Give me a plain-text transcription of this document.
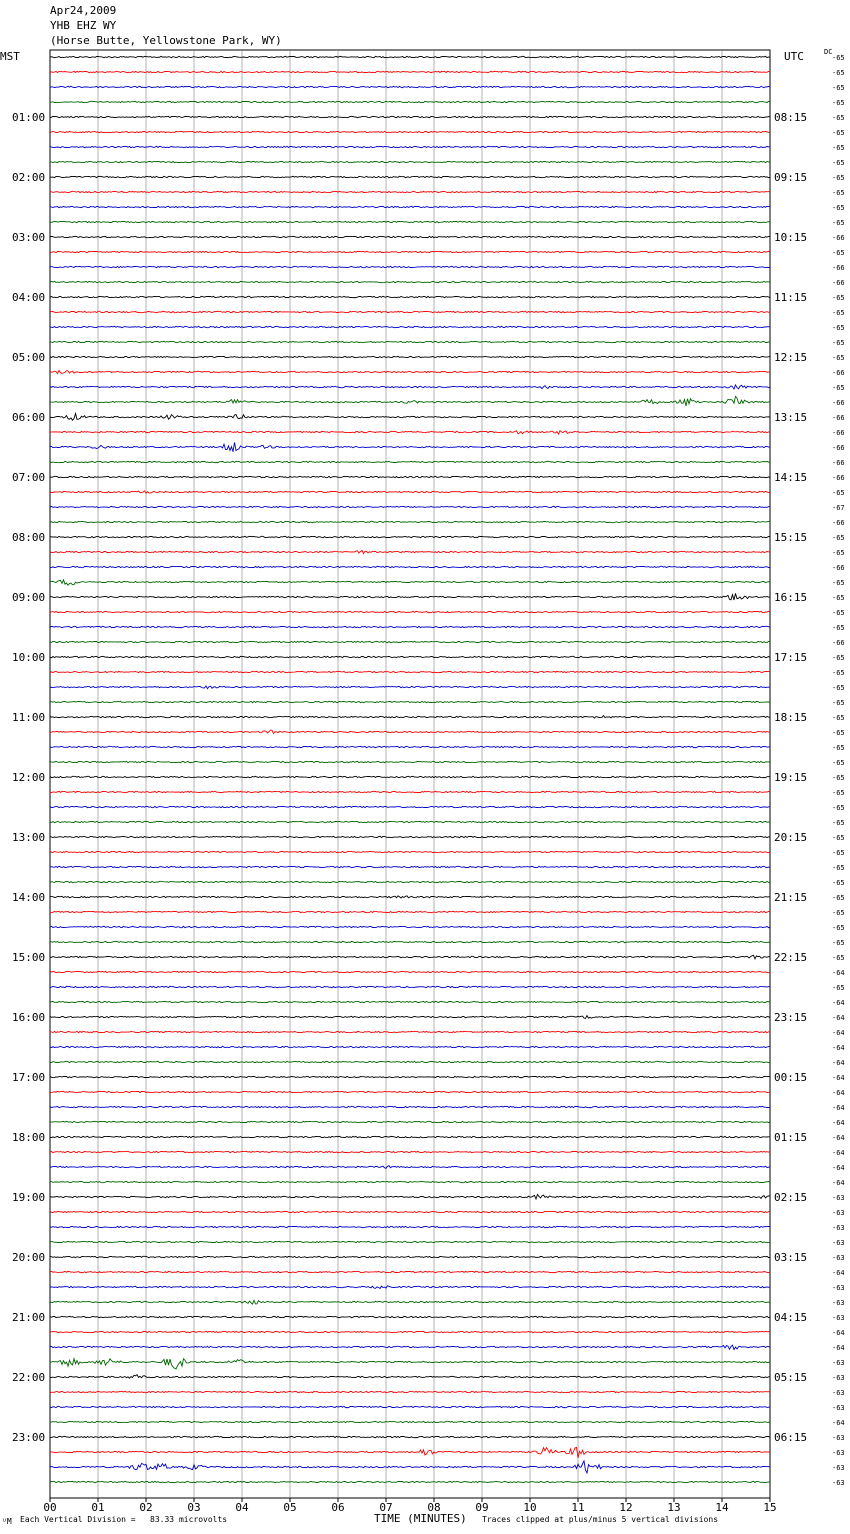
Apr24,2009
YHB EHZ WY
(Horse Butte, Yellowstone Park, WY)
MST	UTC	-65
-65
-65
-65
-65
-65
-65
-65
-65
-65
-65
-65
-66
-65
-66
-66
-65
-65
-65
-65
-65
-66
-65
-66
-66
-66
-66
-66
-66
-65
-67
-66
-65
-65
-66
-65
-65
-65
-65
-66
-65
-65
-65
-65
-65
-65
-65
-65
-65
-65
-65
-65
-65
-65
-65
-65
-65
-65
-65
-65
-65
-64
-65
-64
-64
-64
-64
-64
-64
-64
-64
-64
-64
-64
-64
-64
-63
-63
-63
-63
-63
-64
-63
-63
-63
-64
-64
-63
-63
-63
-63
-64
-63
-63
-63
-63
DC
01:00	08:15
02:00	09:15
03:00	10:15
04:00	11:15
05:00	12:15
06:00	13:15
07:00	14:15
08:00	15:15
09:00	16:15
10:00	17:15
11:00	18:15
12:00	19:15
13:00	20:15
14:00	21:15
15:00	22:15
16:00	23:15
17:00	00:15
18:00	01:15
19:00	02:15
20:00	03:15
21:00	04:15
22:00	05:15
23:00	06:15
00	01	02	03	04	05	06	07	08	09	10	11	12	13	14	15
ᵁM Each Vertical Division =   83.33 microvolts	TIME (MINUTES) Traces clipped at plus/minus 5 vertical divisions
